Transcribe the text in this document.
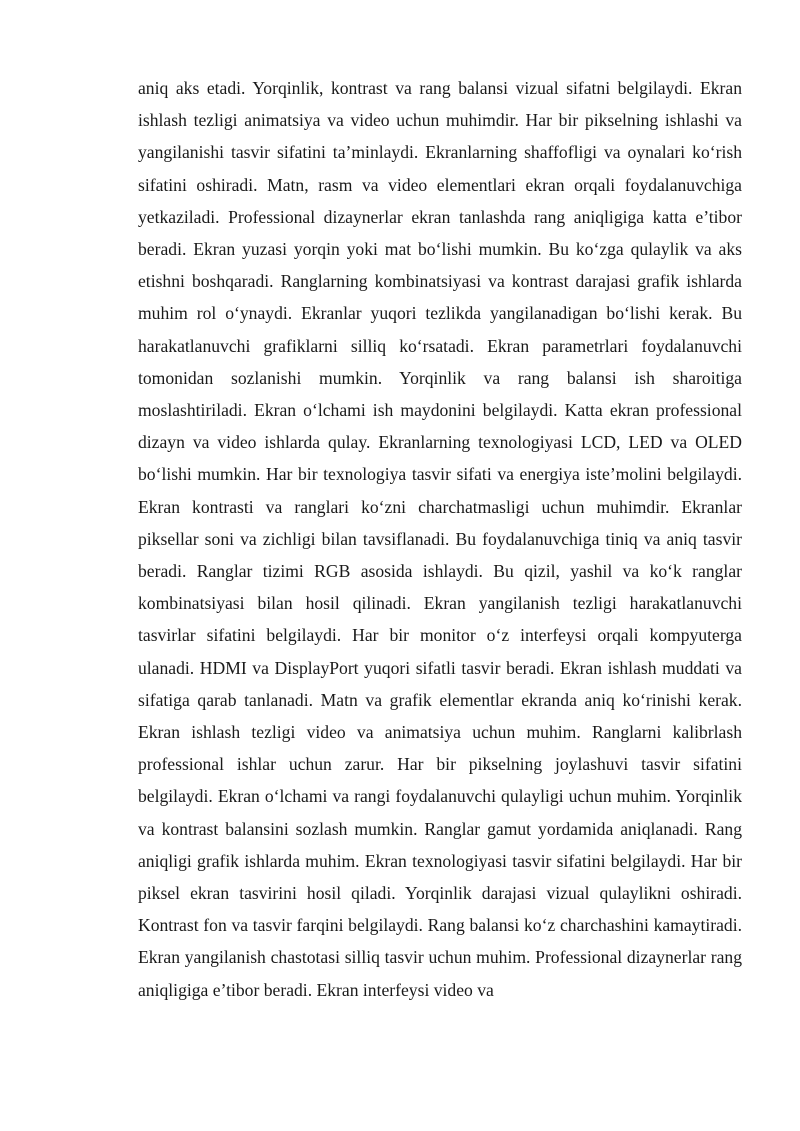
aniq aks etadi. Yorqinlik, kontrast va rang balansi vizual sifatni belgilaydi. Ekran ishlash tezligi animatsiya va video uchun muhimdir. Har bir pikselning ishlashi va yangilanishi tasvir sifatini ta’minlaydi. Ekranlarning shaffofligi va oynalari ko‘rish sifatini oshiradi. Matn, rasm va video elementlari ekran orqali foydalanuvchiga yetkaziladi. Professional dizaynerlar ekran tanlashda rang aniqligiga katta e’tibor beradi. Ekran yuzasi yorqin yoki mat bo‘lishi mumkin. Bu ko‘zga qulaylik va aks etishni boshqaradi. Ranglarning kombinatsiyasi va kontrast darajasi grafik ishlarda muhim rol o‘ynaydi. Ekranlar yuqori tezlikda yangilanadigan bo‘lishi kerak. Bu harakatlanuvchi grafiklarni silliq ko‘rsatadi. Ekran parametrlari foydalanuvchi tomonidan sozlanishi mumkin. Yorqinlik va rang balansi ish sharoitiga moslashtiriladi. Ekran o‘lchami ish maydonini belgilaydi. Katta ekran professional dizayn va video ishlarda qulay. Ekranlarning texnologiyasi LCD, LED va OLED bo‘lishi mumkin. Har bir texnologiya tasvir sifati va energiya iste’molini belgilaydi. Ekran kontrasti va ranglari ko‘zni charchatmasligi uchun muhimdir. Ekranlar piksellar soni va zichligi bilan tavsiflanadi. Bu foydalanuvchiga tiniq va aniq tasvir beradi. Ranglar tizimi RGB asosida ishlaydi. Bu qizil, yashil va ko‘k ranglar kombinatsiyasi bilan hosil qilinadi. Ekran yangilanish tezligi harakatlanuvchi tasvirlar sifatini belgilaydi. Har bir monitor o‘z interfeysi orqali kompyuterga ulanadi. HDMI va DisplayPort yuqori sifatli tasvir beradi. Ekran ishlash muddati va sifatiga qarab tanlanadi. Matn va grafik elementlar ekranda aniq ko‘rinishi kerak. Ekran ishlash tezligi video va animatsiya uchun muhim. Ranglarni kalibrlash professional ishlar uchun zarur. Har bir pikselning joylashuvi tasvir sifatini belgilaydi. Ekran o‘lchami va rangi foydalanuvchi qulayligi uchun muhim. Yorqinlik va kontrast balansini sozlash mumkin. Ranglar gamut yordamida aniqlanadi. Rang aniqligi grafik ishlarda muhim. Ekran texnologiyasi tasvir sifatini belgilaydi. Har bir piksel ekran tasvirini hosil qiladi. Yorqinlik darajasi vizual qulaylikni oshiradi. Kontrast fon va tasvir farqini belgilaydi. Rang balansi ko‘z charchashini kamaytiradi. Ekran yangilanish chastotasi silliq tasvir uchun muhim. Professional dizaynerlar rang aniqligiga e’tibor beradi. Ekran interfeysi video va
